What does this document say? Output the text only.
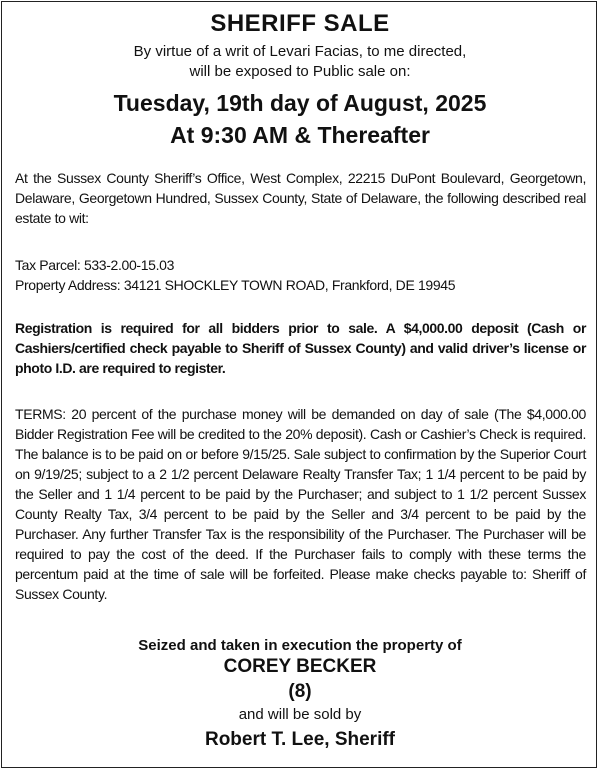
SHERIFF SALE
By virtue of a writ of Levari Facias, to me directed,
will be exposed to Public sale on:
Tuesday, 19th day of August, 2025
At 9:30 AM & Thereafter
At the Sussex County Sheriff’s Office, West Complex, 22215 DuPont Boulevard, Georgetown, Delaware, Georgetown Hundred, Sussex County, State of Delaware, the following described real estate to wit:
Tax Parcel: 533-2.00-15.03
Property Address: 34121 SHOCKLEY TOWN ROAD, Frankford, DE 19945
Registration is required for all bidders prior to sale. A $4,000.00 deposit (Cash or Cashiers/certified check payable to Sheriff of Sussex County) and valid driver’s license or photo I.D. are required to register.
TERMS: 20 percent of the purchase money will be demanded on day of sale (The $4,000.00 Bidder Registration Fee will be credited to the 20% deposit). Cash or Cashier’s Check is required. The balance is to be paid on or before 9/15/25. Sale subject to confirmation by the Superior Court on 9/19/25; subject to a 2 1/2 percent Delaware Realty Transfer Tax; 1 1/4 percent to be paid by the Seller and 1 1/4 percent to be paid by the Purchaser; and subject to 1 1/2 percent Sussex County Realty Tax, 3/4 percent to be paid by the Seller and 3/4 percent to be paid by the Purchaser. Any further Transfer Tax is the responsibility of the Purchaser. The Purchaser will be required to pay the cost of the deed. If the Purchaser fails to comply with these terms the percentum paid at the time of sale will be forfeited. Please make checks payable to: Sheriff of Sussex County.
Seized and taken in execution the property of
COREY BECKER
(8)
and will be sold by
Robert T. Lee, Sheriff
